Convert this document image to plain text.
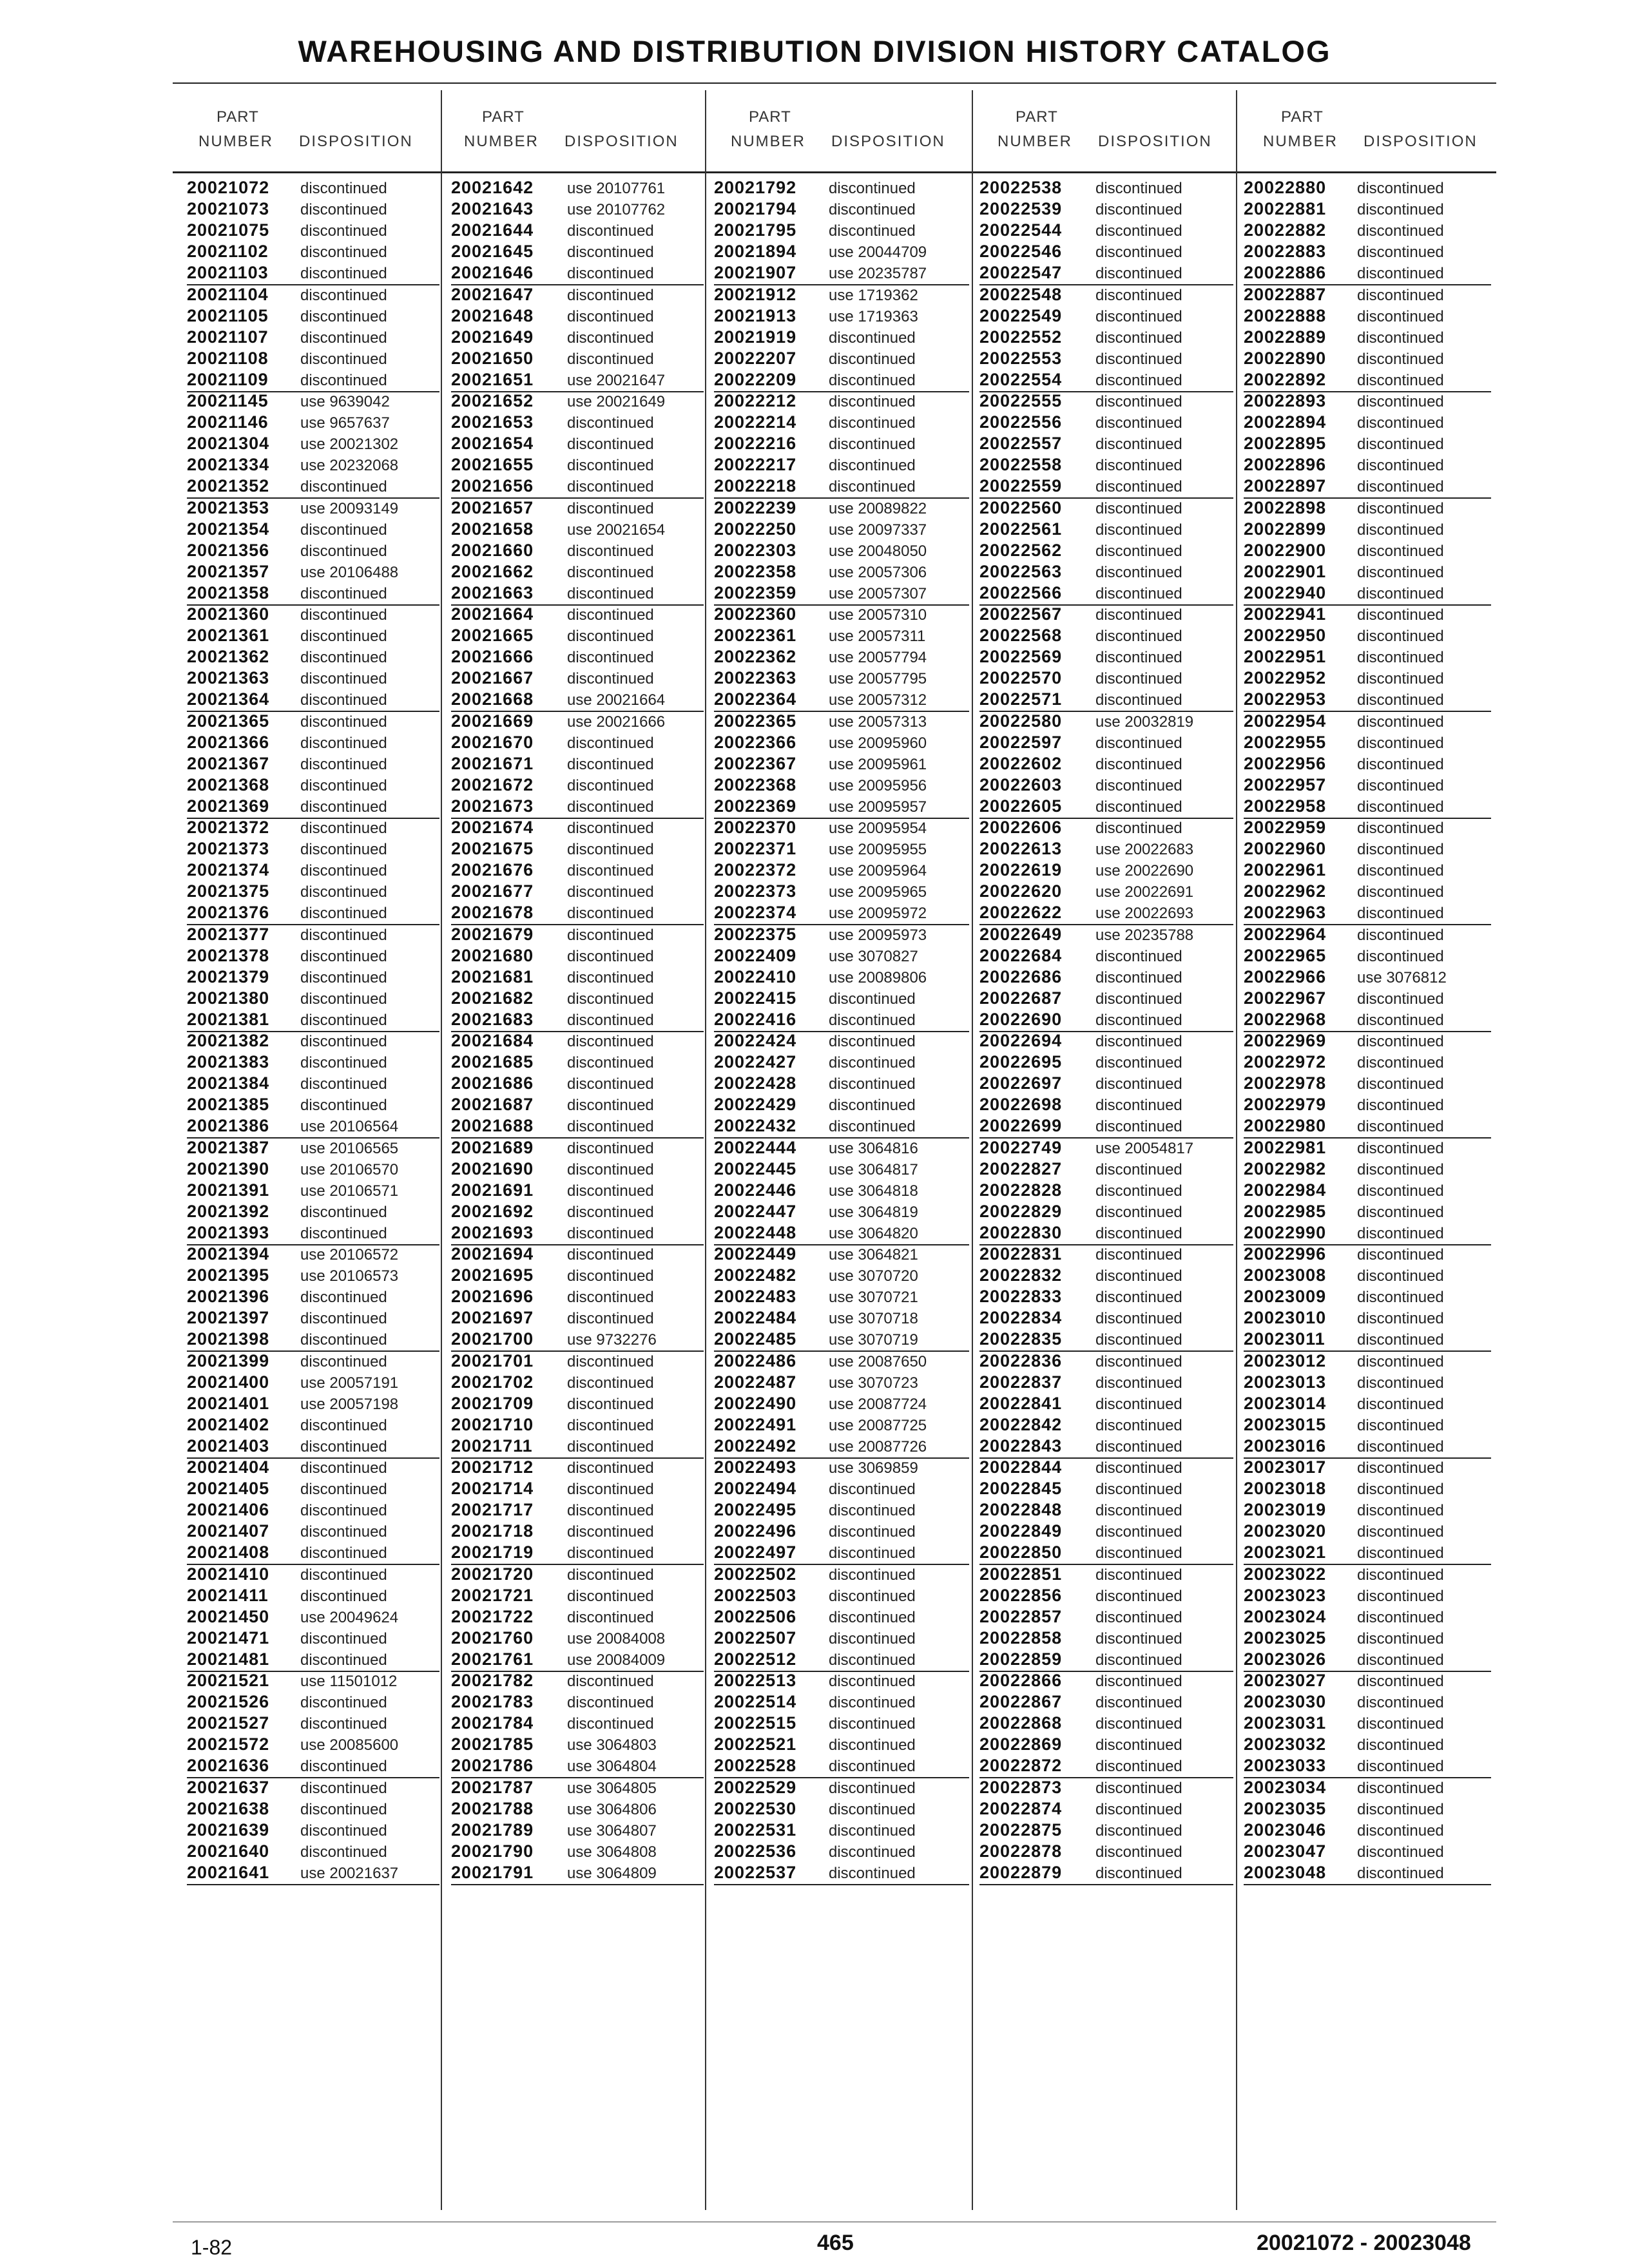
WAREHOUSING AND DISTRIBUTION DIVISION HISTORY CATALOG
PART
NUMBER DISPOSITION
PART
NUMBER DISPOSITION
PART
NUMBER DISPOSITION
PART
NUMBER DISPOSITION
PART
NUMBER DISPOSITION
20021072 discontinued
20021073 discontinued
20021075 discontinued
20021102 discontinued
20021103 discontinued
20021104 discontinued
20021105 discontinued
20021107 discontinued
20021108 discontinued
20021109 discontinued
20021145 use 9639042
20021146 use 9657637
20021304 use 20021302
20021334 use 20232068
20021352 discontinued
20021353 use 20093149
20021354 discontinued
20021356 discontinued
20021357 use 20106488
20021358 discontinued
20021360 discontinued
20021361 discontinued
20021362 discontinued
20021363 discontinued
20021364 discontinued
20021365 discontinued
20021366 discontinued
20021367 discontinued
20021368 discontinued
20021369 discontinued
20021372 discontinued
20021373 discontinued
20021374 discontinued
20021375 discontinued
20021376 discontinued
20021377 discontinued
20021378 discontinued
20021379 discontinued
20021380 discontinued
20021381 discontinued
20021382 discontinued
20021383 discontinued
20021384 discontinued
20021385 discontinued
20021386 use 20106564
20021387 use 20106565
20021390 use 20106570
20021391 use 20106571
20021392 discontinued
20021393 discontinued
20021394 use 20106572
20021395 use 20106573
20021396 discontinued
20021397 discontinued
20021398 discontinued
20021399 discontinued
20021400 use 20057191
20021401 use 20057198
20021402 discontinued
20021403 discontinued
20021404 discontinued
20021405 discontinued
20021406 discontinued
20021407 discontinued
20021408 discontinued
20021410 discontinued
20021411 discontinued
20021450 use 20049624
20021471 discontinued
20021481 discontinued
20021521 use 11501012
20021526 discontinued
20021527 discontinued
20021572 use 20085600
20021636 discontinued
20021637 discontinued
20021638 discontinued
20021639 discontinued
20021640 discontinued
20021641 use 20021637
20021642 use 20107761
20021643 use 20107762
20021644 discontinued
20021645 discontinued
20021646 discontinued
20021647 discontinued
20021648 discontinued
20021649 discontinued
20021650 discontinued
20021651 use 20021647
20021652 use 20021649
20021653 discontinued
20021654 discontinued
20021655 discontinued
20021656 discontinued
20021657 discontinued
20021658 use 20021654
20021660 discontinued
20021662 discontinued
20021663 discontinued
20021664 discontinued
20021665 discontinued
20021666 discontinued
20021667 discontinued
20021668 use 20021664
20021669 use 20021666
20021670 discontinued
20021671 discontinued
20021672 discontinued
20021673 discontinued
20021674 discontinued
20021675 discontinued
20021676 discontinued
20021677 discontinued
20021678 discontinued
20021679 discontinued
20021680 discontinued
20021681 discontinued
20021682 discontinued
20021683 discontinued
20021684 discontinued
20021685 discontinued
20021686 discontinued
20021687 discontinued
20021688 discontinued
20021689 discontinued
20021690 discontinued
20021691 discontinued
20021692 discontinued
20021693 discontinued
20021694 discontinued
20021695 discontinued
20021696 discontinued
20021697 discontinued
20021700 use 9732276
20021701 discontinued
20021702 discontinued
20021709 discontinued
20021710 discontinued
20021711 discontinued
20021712 discontinued
20021714 discontinued
20021717 discontinued
20021718 discontinued
20021719 discontinued
20021720 discontinued
20021721 discontinued
20021722 discontinued
20021760 use 20084008
20021761 use 20084009
20021782 discontinued
20021783 discontinued
20021784 discontinued
20021785 use 3064803
20021786 use 3064804
20021787 use 3064805
20021788 use 3064806
20021789 use 3064807
20021790 use 3064808
20021791 use 3064809
20021792 discontinued
20021794 discontinued
20021795 discontinued
20021894 use 20044709
20021907 use 20235787
20021912 use 1719362
20021913 use 1719363
20021919 discontinued
20022207 discontinued
20022209 discontinued
20022212 discontinued
20022214 discontinued
20022216 discontinued
20022217 discontinued
20022218 discontinued
20022239 use 20089822
20022250 use 20097337
20022303 use 20048050
20022358 use 20057306
20022359 use 20057307
20022360 use 20057310
20022361 use 20057311
20022362 use 20057794
20022363 use 20057795
20022364 use 20057312
20022365 use 20057313
20022366 use 20095960
20022367 use 20095961
20022368 use 20095956
20022369 use 20095957
20022370 use 20095954
20022371 use 20095955
20022372 use 20095964
20022373 use 20095965
20022374 use 20095972
20022375 use 20095973
20022409 use 3070827
20022410 use 20089806
20022415 discontinued
20022416 discontinued
20022424 discontinued
20022427 discontinued
20022428 discontinued
20022429 discontinued
20022432 discontinued
20022444 use 3064816
20022445 use 3064817
20022446 use 3064818
20022447 use 3064819
20022448 use 3064820
20022449 use 3064821
20022482 use 3070720
20022483 use 3070721
20022484 use 3070718
20022485 use 3070719
20022486 use 20087650
20022487 use 3070723
20022490 use 20087724
20022491 use 20087725
20022492 use 20087726
20022493 use 3069859
20022494 discontinued
20022495 discontinued
20022496 discontinued
20022497 discontinued
20022502 discontinued
20022503 discontinued
20022506 discontinued
20022507 discontinued
20022512 discontinued
20022513 discontinued
20022514 discontinued
20022515 discontinued
20022521 discontinued
20022528 discontinued
20022529 discontinued
20022530 discontinued
20022531 discontinued
20022536 discontinued
20022537 discontinued
20022538 discontinued
20022539 discontinued
20022544 discontinued
20022546 discontinued
20022547 discontinued
20022548 discontinued
20022549 discontinued
20022552 discontinued
20022553 discontinued
20022554 discontinued
20022555 discontinued
20022556 discontinued
20022557 discontinued
20022558 discontinued
20022559 discontinued
20022560 discontinued
20022561 discontinued
20022562 discontinued
20022563 discontinued
20022566 discontinued
20022567 discontinued
20022568 discontinued
20022569 discontinued
20022570 discontinued
20022571 discontinued
20022580 use 20032819
20022597 discontinued
20022602 discontinued
20022603 discontinued
20022605 discontinued
20022606 discontinued
20022613 use 20022683
20022619 use 20022690
20022620 use 20022691
20022622 use 20022693
20022649 use 20235788
20022684 discontinued
20022686 discontinued
20022687 discontinued
20022690 discontinued
20022694 discontinued
20022695 discontinued
20022697 discontinued
20022698 discontinued
20022699 discontinued
20022749 use 20054817
20022827 discontinued
20022828 discontinued
20022829 discontinued
20022830 discontinued
20022831 discontinued
20022832 discontinued
20022833 discontinued
20022834 discontinued
20022835 discontinued
20022836 discontinued
20022837 discontinued
20022841 discontinued
20022842 discontinued
20022843 discontinued
20022844 discontinued
20022845 discontinued
20022848 discontinued
20022849 discontinued
20022850 discontinued
20022851 discontinued
20022856 discontinued
20022857 discontinued
20022858 discontinued
20022859 discontinued
20022866 discontinued
20022867 discontinued
20022868 discontinued
20022869 discontinued
20022872 discontinued
20022873 discontinued
20022874 discontinued
20022875 discontinued
20022878 discontinued
20022879 discontinued
20022880 discontinued
20022881 discontinued
20022882 discontinued
20022883 discontinued
20022886 discontinued
20022887 discontinued
20022888 discontinued
20022889 discontinued
20022890 discontinued
20022892 discontinued
20022893 discontinued
20022894 discontinued
20022895 discontinued
20022896 discontinued
20022897 discontinued
20022898 discontinued
20022899 discontinued
20022900 discontinued
20022901 discontinued
20022940 discontinued
20022941 discontinued
20022950 discontinued
20022951 discontinued
20022952 discontinued
20022953 discontinued
20022954 discontinued
20022955 discontinued
20022956 discontinued
20022957 discontinued
20022958 discontinued
20022959 discontinued
20022960 discontinued
20022961 discontinued
20022962 discontinued
20022963 discontinued
20022964 discontinued
20022965 discontinued
20022966 use 3076812
20022967 discontinued
20022968 discontinued
20022969 discontinued
20022972 discontinued
20022978 discontinued
20022979 discontinued
20022980 discontinued
20022981 discontinued
20022982 discontinued
20022984 discontinued
20022985 discontinued
20022990 discontinued
20022996 discontinued
20023008 discontinued
20023009 discontinued
20023010 discontinued
20023011 discontinued
20023012 discontinued
20023013 discontinued
20023014 discontinued
20023015 discontinued
20023016 discontinued
20023017 discontinued
20023018 discontinued
20023019 discontinued
20023020 discontinued
20023021 discontinued
20023022 discontinued
20023023 discontinued
20023024 discontinued
20023025 discontinued
20023026 discontinued
20023027 discontinued
20023030 discontinued
20023031 discontinued
20023032 discontinued
20023033 discontinued
20023034 discontinued
20023035 discontinued
20023046 discontinued
20023047 discontinued
20023048 discontinued
1-82	465	20021072 - 20023048
